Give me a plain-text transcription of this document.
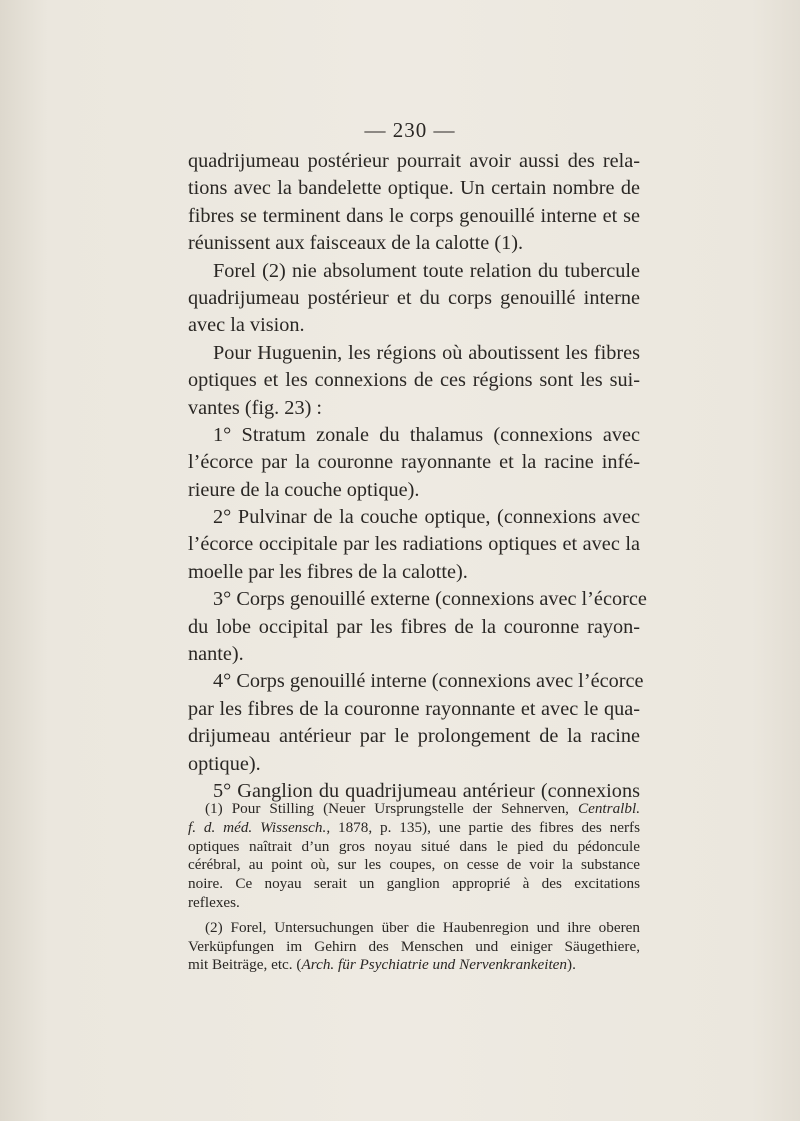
— 230 —
quadrijumeau postérieur pourrait avoir aussi des rela-
tions avec la bandelette optique. Un certain nombre de
fibres se terminent dans le corps genouillé interne et se
réunissent aux faisceaux de la calotte (1).
Forel (2) nie absolument toute relation du tubercule
quadrijumeau postérieur et du corps genouillé interne
avec la vision.
Pour Huguenin, les régions où aboutissent les fibres
optiques et les connexions de ces régions sont les sui-
vantes (fig. 23) :
1° Stratum zonale du thalamus (connexions avec
l’écorce par la couronne rayonnante et la racine infé-
rieure de la couche optique).
2° Pulvinar de la couche optique, (connexions avec
l’écorce occipitale par les radiations optiques et avec la
moelle par les fibres de la calotte).
3° Corps genouillé externe (connexions avec l’écorce
du lobe occipital par les fibres de la couronne rayon-
nante).
4° Corps genouillé interne (connexions avec l’écorce
par les fibres de la couronne rayonnante et avec le qua-
drijumeau antérieur par le prolongement de la racine
optique).
5° Ganglion du quadrijumeau antérieur (connexions
(1) Pour Stilling (Neuer Ursprungstelle der Sehnerven, Centralbl.
f. d. méd. Wissensch., 1878, p. 135), une partie des fibres des nerfs
optiques naîtrait d’un gros noyau situé dans le pied du pédoncule
cérébral, au point où, sur les coupes, on cesse de voir la substance
noire. Ce noyau serait un ganglion approprié à des excitations
reflexes.
(2) Forel, Untersuchungen über die Haubenregion und ihre oberen
Verküpfungen im Gehirn des Menschen und einiger Säugethiere,
mit Beiträge, etc. (Arch. für Psychiatrie und Nervenkrankeiten).
